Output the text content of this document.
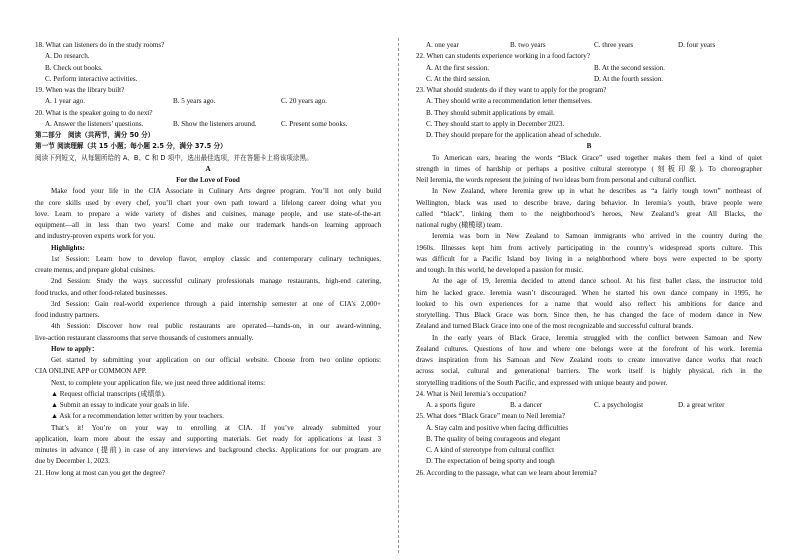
18. What can listeners do in the study rooms?
A. Do research.
B. Check out books.
C. Perform interactive activities.
19. When was the library built?
A. 1 year ago.	B. 5 years ago.	C. 20 years ago.
20. What is the speaker going to do next?
A. Answer the listeners’ questions.	B. Show the listeners around.	C. Present some books.
第二部分　阅读（共两节，满分 50 分）
第一节 阅读理解（共 15 小题；每小题 2.5 分，满分 37.5 分）
阅读下列短文，从每题所给的 A、B、C 和 D 项中，选出最佳选项，并在答题卡上将该项涂黑。
A
For the Love of Food
Make food your life in the CIA Associate in Culinary Arts degree program. You’ll not only build
the core skills used by every chef, you’ll chart your own path toward a lifelong career doing what you
love. Learn to prepare a wide variety of dishes and cuisines, manage people, and use state-of-the-art
equipment—all in less than two years! Come and make our trademark hands-on learning approach
and industry-proven experts work for you.
Highlights:
1st Session: Learn how to develop flavor, employ classic and contemporary culinary techniques,
create menus, and prepare global cuisines.
2nd Session: Study the ways successful culinary professionals manage restaurants, high-end catering,
food trucks, and other food-related businesses.
3rd Session: Gain real-world experience through a paid internship semester at one of CIA’s 2,000+
food industry partners.
4th Session: Discover how real public restaurants are operated—hands-on, in our award-winning,
live-action restaurant classrooms that serve thousands of customers annually.
How to apply：
Get started by submitting your application on our official website. Choose from two online options:
CIA ONLINE APP or COMMON APP.
Next, to complete your application file, we just need three additional items:
▲ Request official transcripts (成绩单).
▲ Submit an essay to indicate your goals in life.
▲ Ask for a recommendation letter written by your teachers.
That’s it! You’re on your way to enrolling at CIA. If you’ve already submitted your
application, learn more about the essay and supporting materials. Get ready for applications at least 3
minutes in advance (提前) in case of any interviews and background checks. Applications for our program are
due by December 1, 2023.
21. How long at most can you get the degree?
A. one year	B. two years	C. three years	D. four years
22. When can students experience working in a food factory?
A. At the first session.	B. At the second session.
C. At the third session.	D. At the fourth session.
23. What should students do if they want to apply for the program?
A. They should write a recommendation letter themselves.
B. They should submit applications by email.
C. They should start to apply in December 2023.
D. They should prepare for the application ahead of schedule.
B
To American ears, hearing the words “Black Grace” used together makes them feel a kind of quiet
strength in times of hardship or perhaps a positive cultural stereotype (刻板印象). To choreographer
Neil Ieremia, the words represent the joining of two ideas born from personal and cultural conflict.
In New Zealand, where Ieremia grew up in what he describes as “a fairly tough town” northeast of
Wellington, black was used to describe brave, daring behavior. In Ieremia’s youth, brave people were
called “black”, linking them to the neighborhood’s heroes, New Zealand’s great All Blacks, the
national rugby (橄榄球) team.
Ieremia was born in New Zealand to Samoan immigrants who arrived in the country during the
1960s. Illnesses kept him from actively participating in the country’s widespread sports culture. This
was difficult for a Pacific Island boy living in a neighborhood where boys were expected to be sporty
and tough. In this world, he developed a passion for music.
At the age of 19, Ieremia decided to attend dance school. At his first ballet class, the instructor told
him he lacked grace. Ieremia wasn’t discouraged. When he started his own dance company in 1995, he
looked to his own experiences for a name that would also reflect his ambitions for dance and
storytelling. Thus Black Grace was born. Since then, he has changed the face of modern dance in New
Zealand and turned Black Grace into one of the most recognizable and successful cultural brands.
In the early years of Black Grace, Ieremia struggled with the conflict between Samoan and New
Zealand cultures. Questions of how and where one belongs were at the forefront of his work. Ieremia
draws inspiration from his Samoan and New Zealand roots to create innovative dance works that reach
across social, cultural and generational barriers. The work itself is highly physical, rich in the
storytelling traditions of the South Pacific, and expressed with unique beauty and power.
24. What is Neil Ieremia’s occupation?
A. a sports figure	B. a dancer	C. a psychologist	D. a great writer
25. What does “Black Grace” mean to Neil Ieremia?
A. Stay calm and positive when facing difficulties
B. The quality of being courageous and elegant
C. A kind of stereotype from cultural conflict
D. The expectation of being sporty and tough
26. According to the passage, what can we learn about Ieremia?
